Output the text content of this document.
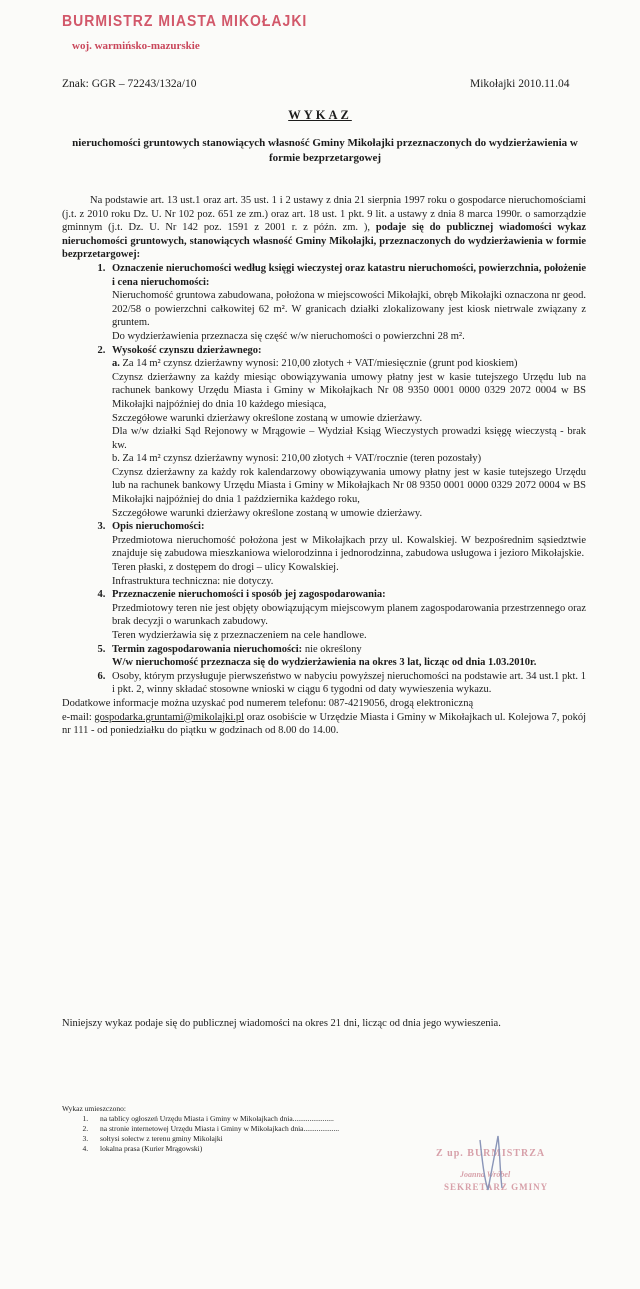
BURMISTRZ MIASTA MIKOŁAJKI
woj. warmińsko-mazurskie
Znak: GGR – 72243/132a/10	Mikołajki 2010.11.04
WYKAZ
nieruchomości gruntowych stanowiących własność Gminy Mikołajki przeznaczonych do wydzierżawienia w formie bezprzetargowej

Na podstawie art. 13 ust.1 oraz art. 35 ust. 1 i 2 ustawy z dnia 21 sierpnia 1997 roku o gospodarce nieruchomościami (j.t. z 2010 roku Dz. U. Nr 102 poz. 651 ze zm.) oraz art. 18 ust. 1 pkt. 9 lit. a ustawy z dnia 8 marca 1990r. o samorządzie gminnym (j.t. Dz. U. Nr 142 poz. 1591 z 2001 r. z późn. zm. ), podaje się do publicznej wiadomości wykaz nieruchomości gruntowych, stanowiących własność Gminy Mikołajki, przeznaczonych do wydzierżawienia w formie bezprzetargowej:

1. Oznaczenie nieruchomości według księgi wieczystej oraz katastru nieruchomości, powierzchnia, położenie i cena nieruchomości:
Nieruchomość gruntowa zabudowana, położona w miejscowości Mikołajki, obręb Mikołajki oznaczona nr geod. 202/58 o powierzchni całkowitej 62 m². W granicach działki zlokalizowany jest kiosk nietrwale związany z gruntem.
Do wydzierżawienia przeznacza się część w/w nieruchomości o powierzchni 28 m².
2. Wysokość czynszu dzierżawnego:
a. Za 14 m² czynsz dzierżawny wynosi: 210,00 złotych + VAT/miesięcznie (grunt pod kioskiem)
Czynsz dzierżawny za każdy miesiąc obowiązywania umowy płatny jest w kasie tutejszego Urzędu lub na rachunek bankowy Urzędu Miasta i Gminy w Mikołajkach Nr 08 9350 0001 0000 0329 2072 0004 w BS Mikołajki najpóźniej do dnia 10 każdego miesiąca,
Szczegółowe warunki dzierżawy określone zostaną w umowie dzierżawy.
Dla w/w działki Sąd Rejonowy w Mrągowie – Wydział Ksiąg Wieczystych prowadzi księgę wieczystą - brak kw.
b. Za 14 m² czynsz dzierżawny wynosi: 210,00 złotych + VAT/rocznie (teren pozostały)
Czynsz dzierżawny za każdy rok kalendarzowy obowiązywania umowy płatny jest w kasie tutejszego Urzędu lub na rachunek bankowy Urzędu Miasta i Gminy w Mikołajkach Nr 08 9350 0001 0000 0329 2072 0004 w BS Mikołajki najpóźniej do dnia 1 października każdego roku,
Szczegółowe warunki dzierżawy określone zostaną w umowie dzierżawy.
3. Opis nieruchomości:
Przedmiotowa nieruchomość położona jest w Mikołajkach przy ul. Kowalskiej. W bezpośrednim sąsiedztwie znajduje się zabudowa mieszkaniowa wielorodzinna i jednorodzinna, zabudowa usługowa i jezioro Mikołajskie.
Teren płaski, z dostępem do drogi – ulicy Kowalskiej.
Infrastruktura techniczna: nie dotyczy.
4. Przeznaczenie nieruchomości i sposób jej zagospodarowania:
Przedmiotowy teren nie jest objęty obowiązującym miejscowym planem zagospodarowania przestrzennego oraz brak decyzji o warunkach zabudowy.
Teren wydzierżawia się z przeznaczeniem na cele handlowe.
5. Termin zagospodarowania nieruchomości: nie określony
W/w nieruchomość przeznacza się do wydzierżawienia na okres 3 lat, licząc od dnia 1.03.2010r.
6. Osoby, którym przysługuje pierwszeństwo w nabyciu powyższej nieruchomości na podstawie art. 34 ust.1 pkt. 1 i pkt. 2, winny składać stosowne wnioski w ciągu 6 tygodni od daty wywieszenia wykazu.
Dodatkowe informacje można uzyskać pod numerem telefonu: 087-4219056, drogą elektroniczną
e-mail: gospodarka.gruntami@mikolajki.pl oraz osobiście w Urzędzie Miasta i Gminy w Mikołajkach ul. Kolejowa 7, pokój nr 111 - od poniedziałku do piątku w godzinach od 8.00 do 14.00.
Niniejszy wykaz podaje się do publicznej wiadomości na okres 21 dni, licząc od dnia jego wywieszenia.
Wykaz umieszczono:
1. na tablicy ogłoszeń Urzędu Miasta i Gminy w Mikołajkach dnia......................
2. na stronie internetowej Urzędu Miasta i Gminy w Mikołajkach dnia...................
3. sołtysi sołectw z terenu gminy Mikołajki
4. lokalna prasa (Kurier Mrągowski)	Z up. BURMISTRZA
Joanna Wróbel
SEKRETARZ GMINY
